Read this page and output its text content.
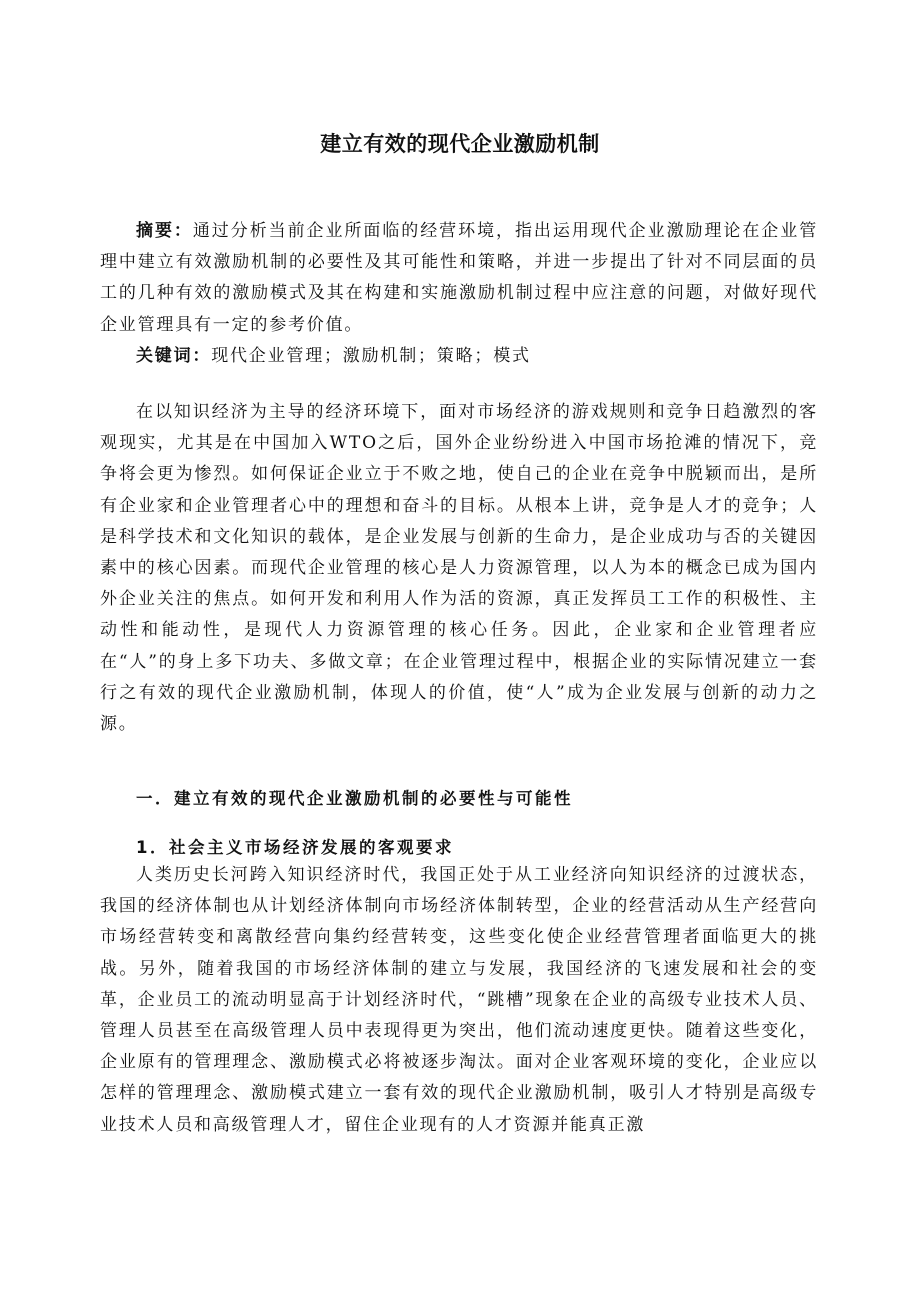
建立有效的现代企业激励机制

摘要：通过分析当前企业所面临的经营环境，指出运用现代企业激励理论在企业管理中建立有效激励机制的必要性及其可能性和策略，并进一步提出了针对不同层面的员工的几种有效的激励模式及其在构建和实施激励机制过程中应注意的问题，对做好现代企业管理具有一定的参考价值。

关键词：现代企业管理；激励机制；策略；模式

在以知识经济为主导的经济环境下，面对市场经济的游戏规则和竞争日趋激烈的客观现实，尤其是在中国加入WTO之后，国外企业纷纷进入中国市场抢滩的情况下，竞争将会更为惨烈。如何保证企业立于不败之地，使自己的企业在竞争中脱颖而出，是所有企业家和企业管理者心中的理想和奋斗的目标。从根本上讲，竞争是人才的竞争；人是科学技术和文化知识的载体，是企业发展与创新的生命力，是企业成功与否的关键因素中的核心因素。而现代企业管理的核心是人力资源管理，以人为本的概念已成为国内外企业关注的焦点。如何开发和利用人作为活的资源，真正发挥员工工作的积极性、主动性和能动性，是现代人力资源管理的核心任务。因此，企业家和企业管理者应在“人”的身上多下功夫、多做文章；在企业管理过程中，根据企业的实际情况建立一套行之有效的现代企业激励机制，体现人的价值，使“人”成为企业发展与创新的动力之源。

一．建立有效的现代企业激励机制的必要性与可能性
1．社会主义市场经济发展的客观要求

人类历史长河跨入知识经济时代，我国正处于从工业经济向知识经济的过渡状态，我国的经济体制也从计划经济体制向市场经济体制转型，企业的经营活动从生产经营向市场经营转变和离散经营向集约经营转变，这些变化使企业经营管理者面临更大的挑战。另外，随着我国的市场经济体制的建立与发展，我国经济的飞速发展和社会的变革，企业员工的流动明显高于计划经济时代，“跳槽”现象在企业的高级专业技术人员、管理人员甚至在高级管理人员中表现得更为突出，他们流动速度更快。随着这些变化，企业原有的管理理念、激励模式必将被逐步淘汰。面对企业客观环境的变化，企业应以怎样的管理理念、激励模式建立一套有效的现代企业激励机制，吸引人才特别是高级专业技术人员和高级管理人才，留住企业现有的人才资源并能真正激
